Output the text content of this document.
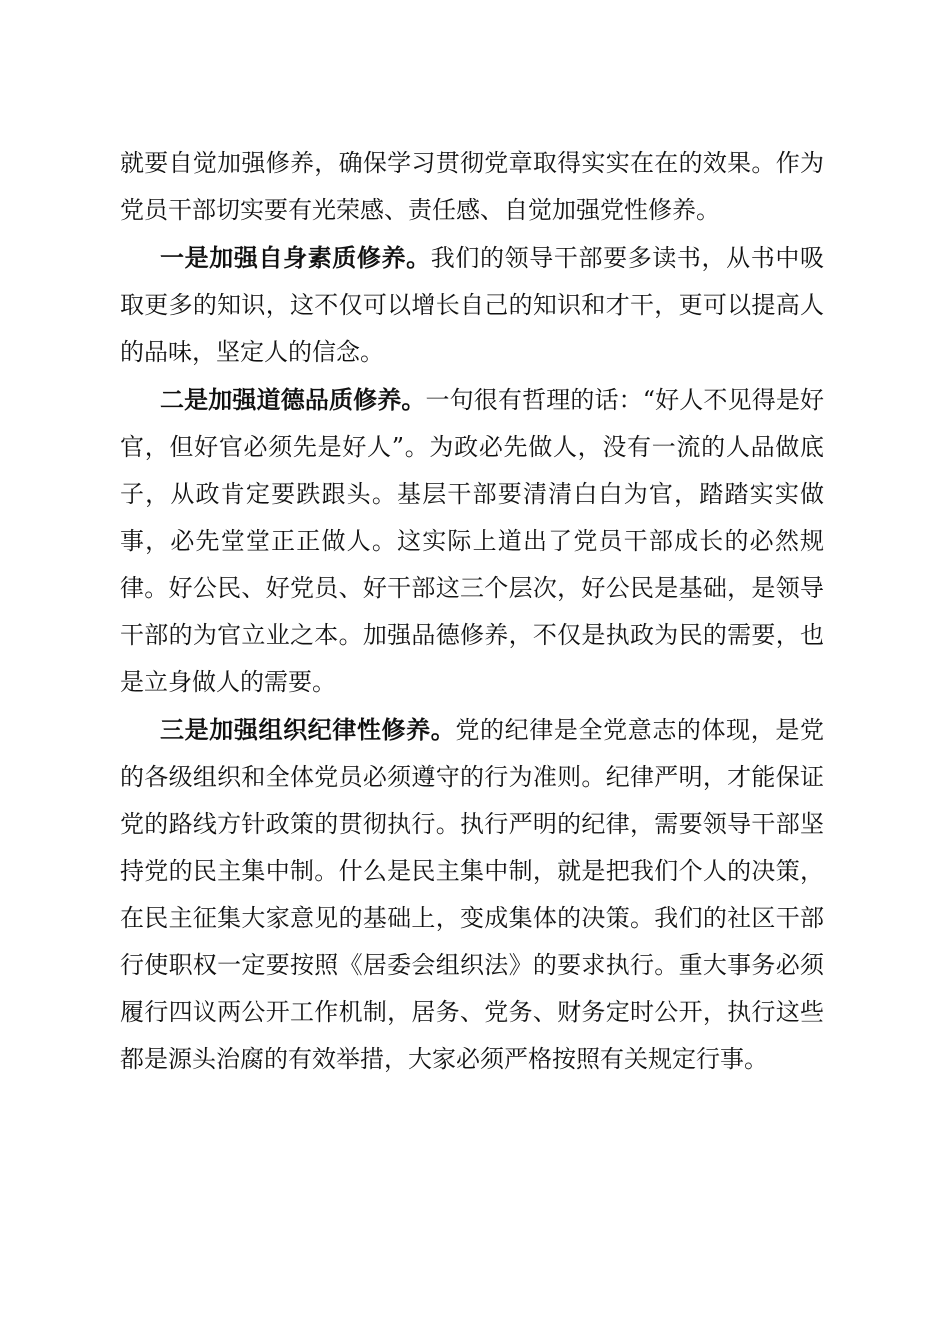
就要自觉加强修养，确保学习贯彻党章取得实实在在的效果。作为党员干部切实要有光荣感、责任感、自觉加强党性修养。

一是加强自身素质修养。我们的领导干部要多读书，从书中吸取更多的知识，这不仅可以增长自己的知识和才干，更可以提高人的品味，坚定人的信念。

二是加强道德品质修养。一句很有哲理的话：“好人不见得是好官，但好官必须先是好人”。为政必先做人，没有一流的人品做底子，从政肯定要跌跟头。基层干部要清清白白为官，踏踏实实做事，必先堂堂正正做人。这实际上道出了党员干部成长的必然规律。好公民、好党员、好干部这三个层次，好公民是基础，是领导干部的为官立业之本。加强品德修养，不仅是执政为民的需要，也是立身做人的需要。

三是加强组织纪律性修养。党的纪律是全党意志的体现，是党的各级组织和全体党员必须遵守的行为准则。纪律严明，才能保证党的路线方针政策的贯彻执行。执行严明的纪律，需要领导干部坚持党的民主集中制。什么是民主集中制，就是把我们个人的决策，在民主征集大家意见的基础上，变成集体的决策。我们的社区干部行使职权一定要按照《居委会组织法》的要求执行。重大事务必须履行四议两公开工作机制，居务、党务、财务定时公开，执行这些都是源头治腐的有效举措，大家必须严格按照有关规定行事。
